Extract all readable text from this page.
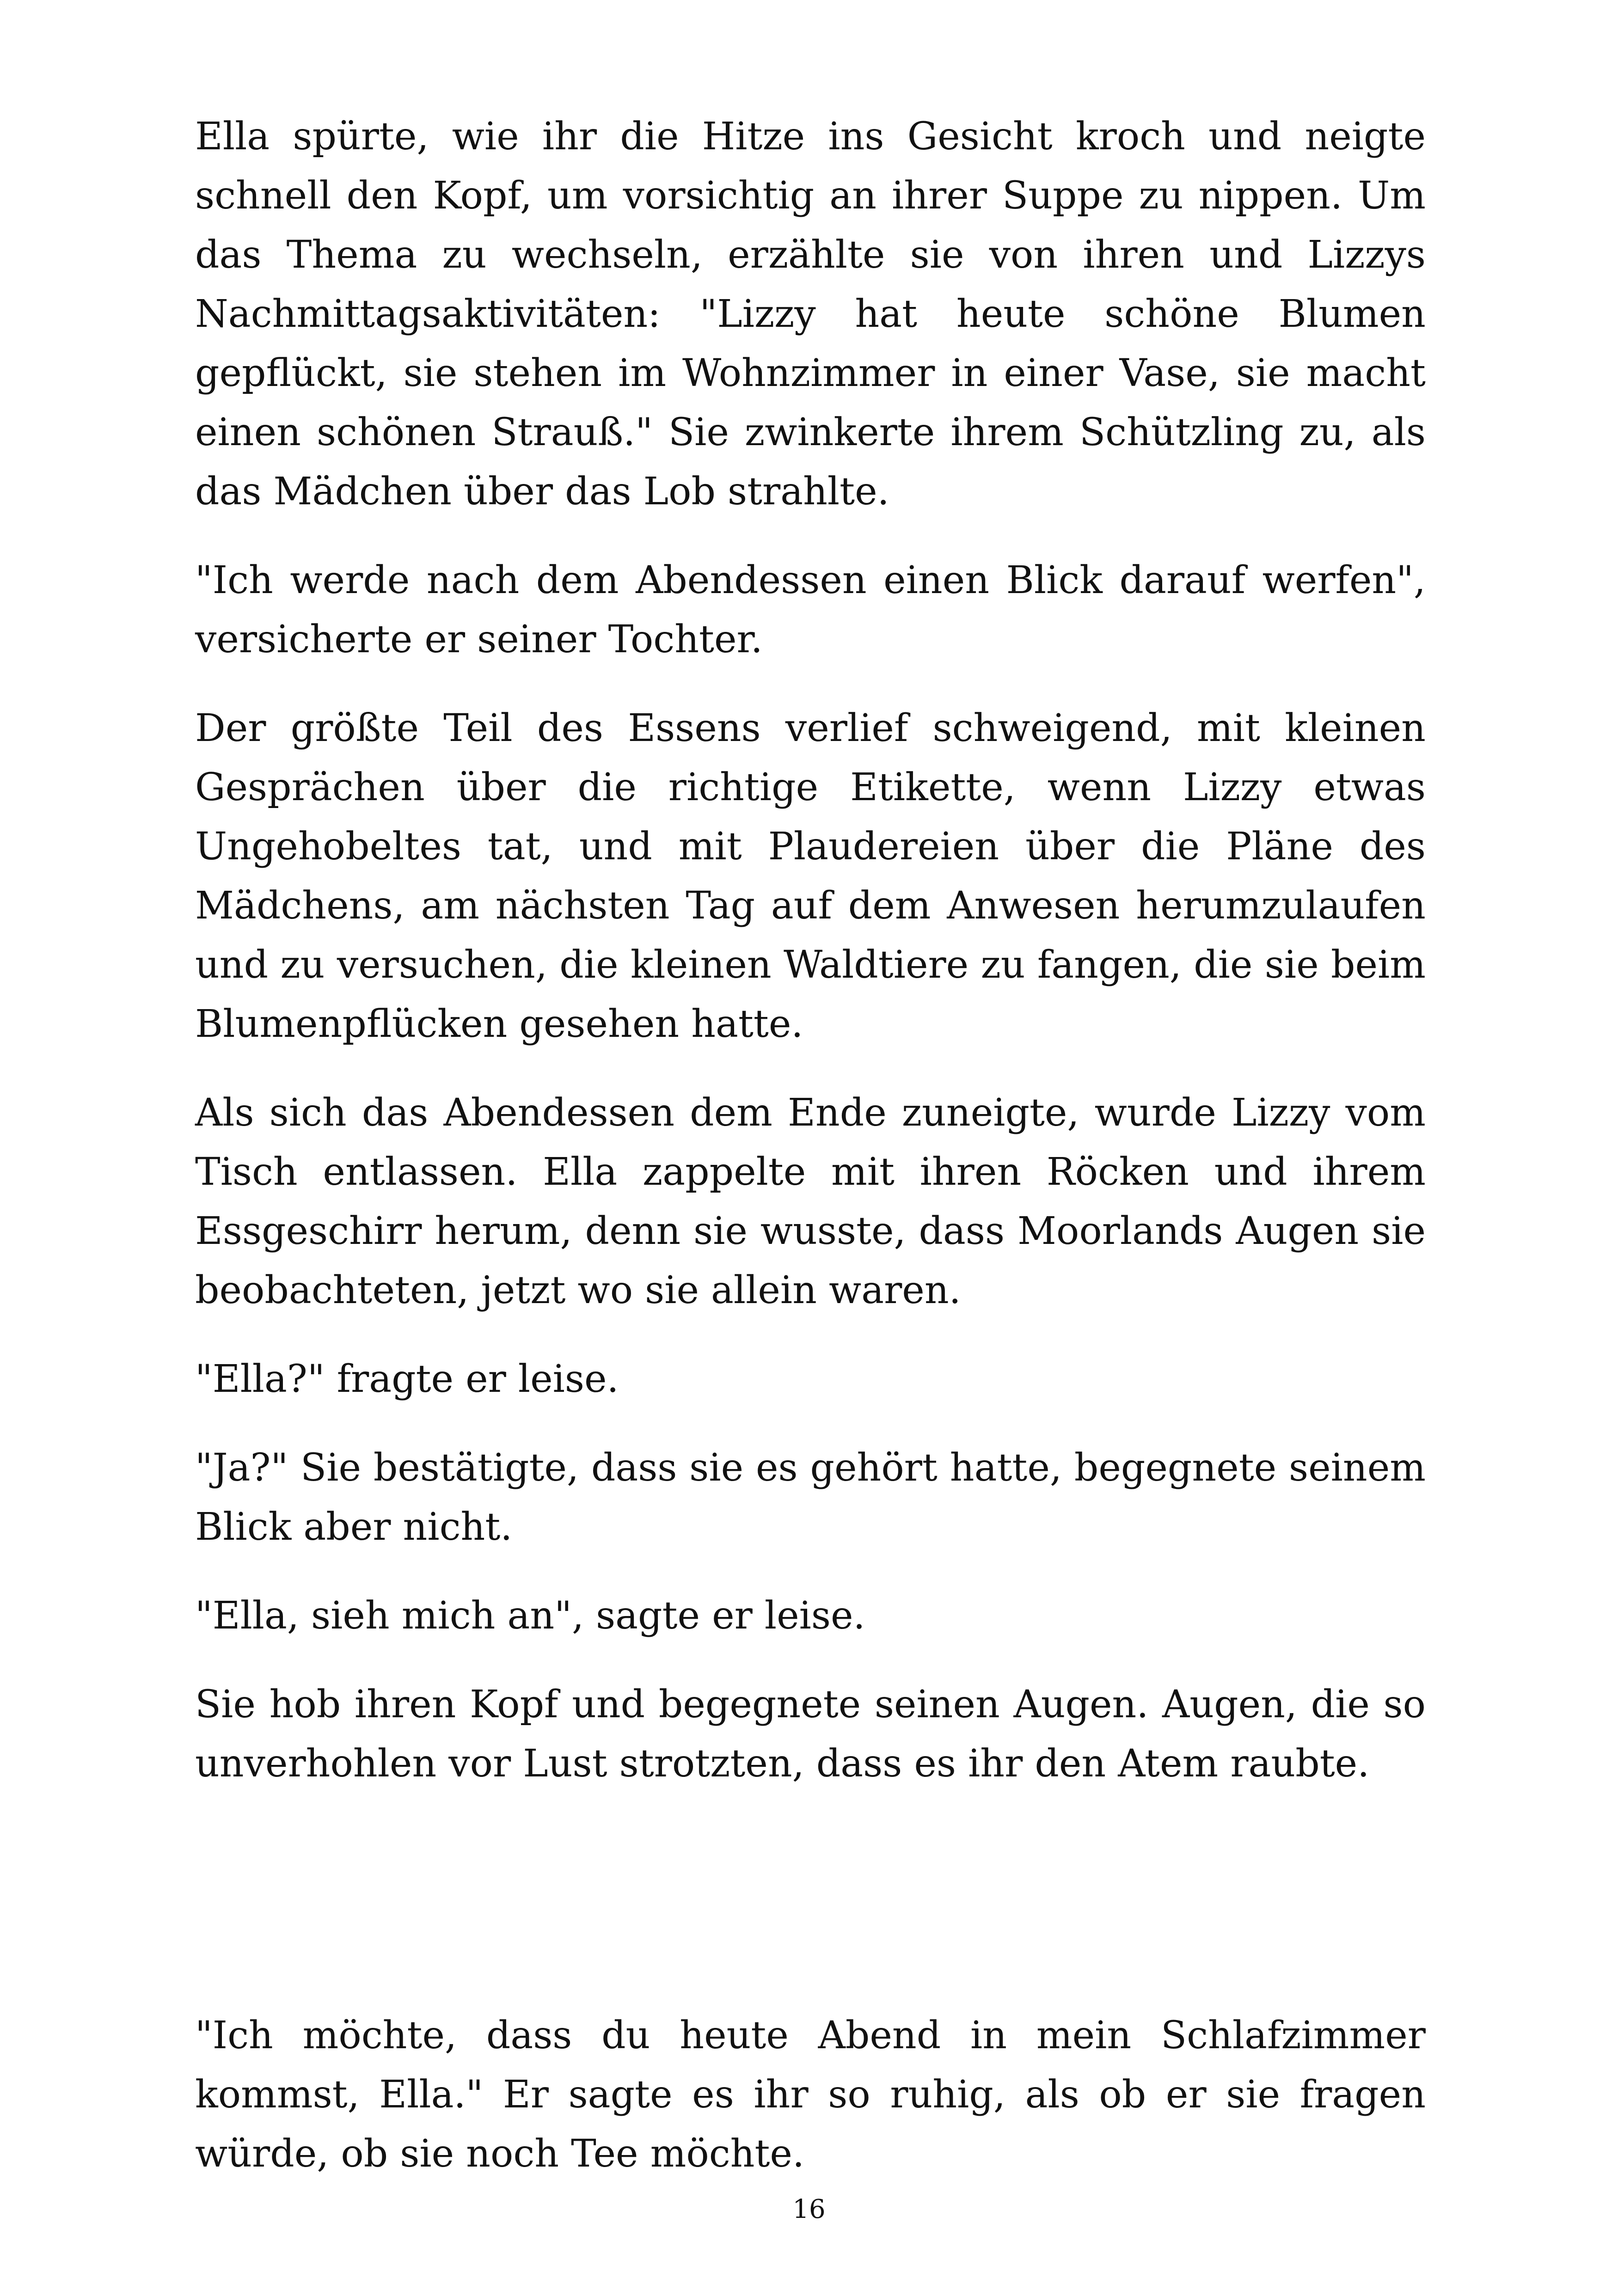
Ella spürte, wie ihr die Hitze ins Gesicht kroch und neigte schnell den Kopf, um vorsichtig an ihrer Suppe zu nippen. Um das Thema zu wechseln, erzählte sie von ihren und Lizzys Nachmittagsaktivitäten: "Lizzy hat heute schöne Blumen gepflückt, sie stehen im Wohnzimmer in einer Vase, sie macht einen schönen Strauß." Sie zwinkerte ihrem Schützling zu, als das Mädchen über das Lob strahlte.

"Ich werde nach dem Abendessen einen Blick darauf werfen", versicherte er seiner Tochter.

Der größte Teil des Essens verlief schweigend, mit kleinen Gesprächen über die richtige Etikette, wenn Lizzy etwas Ungehobeltes tat, und mit Plaudereien über die Pläne des Mädchens, am nächsten Tag auf dem Anwesen herumzulaufen und zu versuchen, die kleinen Waldtiere zu fangen, die sie beim Blumenpflücken gesehen hatte.

Als sich das Abendessen dem Ende zuneigte, wurde Lizzy vom Tisch entlassen. Ella zappelte mit ihren Röcken und ihrem Essgeschirr herum, denn sie wusste, dass Moorlands Augen sie beobachteten, jetzt wo sie allein waren.

"Ella?" fragte er leise.

"Ja?" Sie bestätigte, dass sie es gehört hatte, begegnete seinem Blick aber nicht.

"Ella, sieh mich an", sagte er leise.

Sie hob ihren Kopf und begegnete seinen Augen. Augen, die so unverhohlen vor Lust strotzten, dass es ihr den Atem raubte.

"Ich möchte, dass du heute Abend in mein Schlafzimmer kommst, Ella." Er sagte es ihr so ruhig, als ob er sie fragen würde, ob sie noch Tee möchte.

16
